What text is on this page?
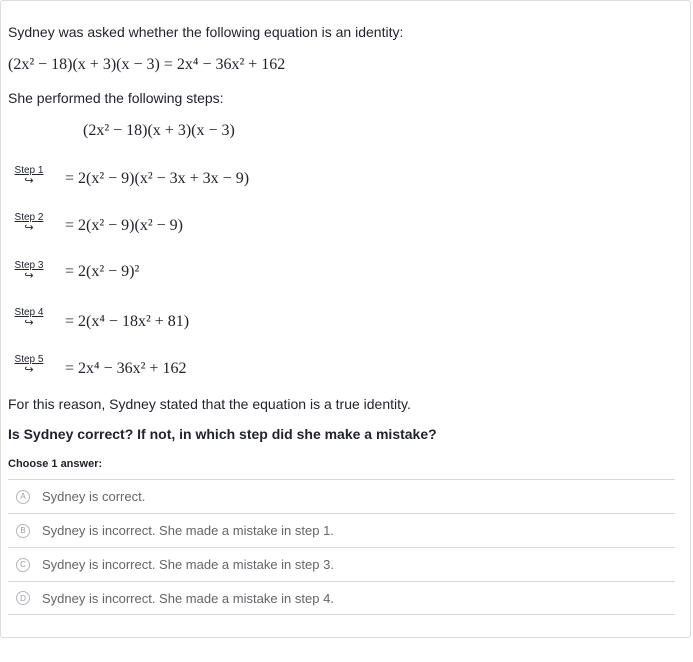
Sydney was asked whether the following equation is an identity:
(2x² − 18)(x + 3)(x − 3) = 2x⁴ − 36x² + 162
She performed the following steps:
(2x² − 18)(x + 3)(x − 3)
Step 1
↪	= 2(x² − 9)(x² − 3x + 3x − 9)
Step 2
↪	= 2(x² − 9)(x² − 9)
Step 3
↪	= 2(x² − 9)²
Step 4
↪	= 2(x⁴ − 18x² + 81)
Step 5
↪	= 2x⁴ − 36x² + 162
For this reason, Sydney stated that the equation is a true identity.
Is Sydney correct? If not, in which step did she make a mistake?
Choose 1 answer:
A	Sydney is correct.
B	Sydney is incorrect. She made a mistake in step 1.
C	Sydney is incorrect. She made a mistake in step 3.
D	Sydney is incorrect. She made a mistake in step 4.
